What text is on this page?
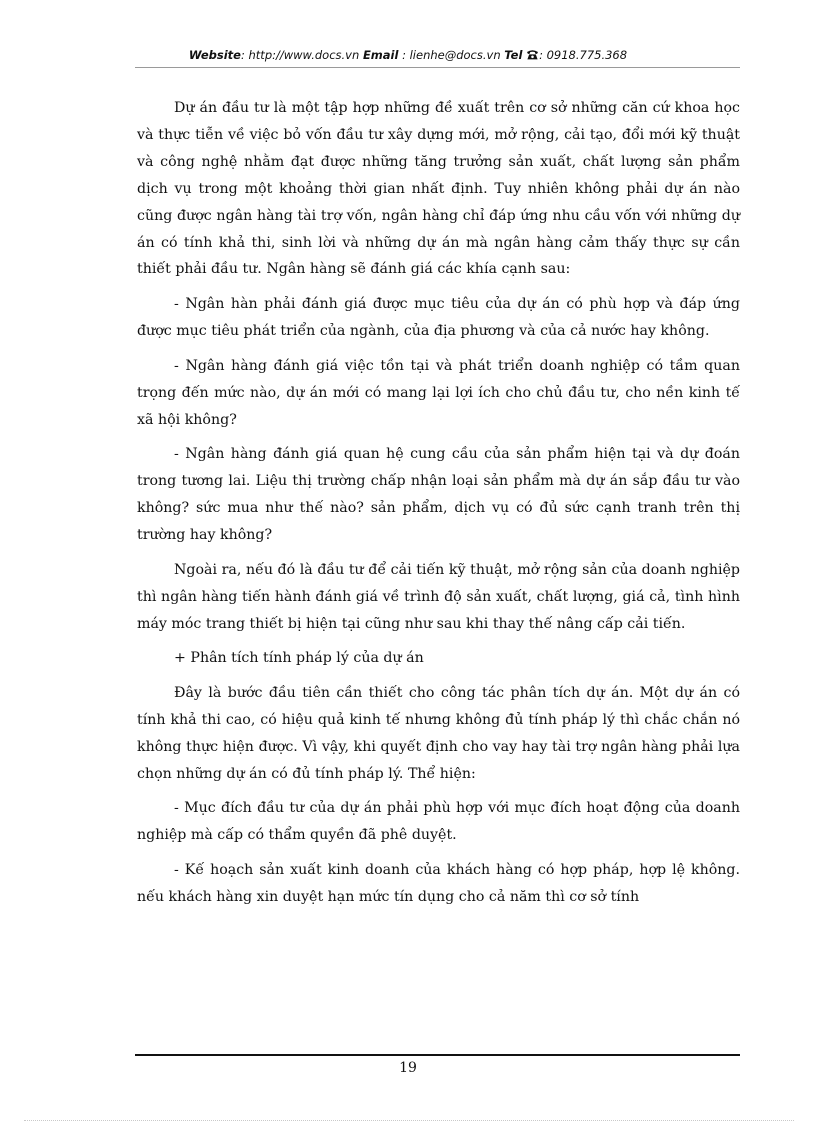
Website: http://www.docs.vn Email : lienhe@docs.vn Tel : 0918.775.368

Dự án đầu tư là một tập hợp những đề xuất trên cơ sở những căn cứ khoa học và thực tiễn về việc bỏ vốn đầu tư xây dựng mới, mở rộng, cải tạo, đổi mới kỹ thuật và công nghệ nhằm đạt được những tăng trưởng sản xuất, chất lượng sản phẩm dịch vụ trong một khoảng thời gian nhất định. Tuy nhiên không phải dự án nào cũng được ngân hàng tài trợ vốn, ngân hàng chỉ đáp ứng nhu cầu vốn với những dự án có tính khả thi, sinh lời và những dự án mà ngân hàng cảm thấy thực sự cần thiết phải đầu tư. Ngân hàng sẽ đánh giá các khía cạnh sau:

- Ngân hàn phải đánh giá được mục tiêu của dự án có phù hợp và đáp ứng được mục tiêu phát triển của ngành, của địa phương và của cả nước hay không.

- Ngân hàng đánh giá việc tồn tại và phát triển doanh nghiệp có tầm quan trọng đến mức nào, dự án mới có mang lại lợi ích cho chủ đầu tư, cho nền kinh tế xã hội không?

- Ngân hàng đánh giá quan hệ cung cầu của sản phẩm hiện tại và dự đoán trong tương lai. Liệu thị trường chấp nhận loại sản phẩm mà dự án sắp đầu tư vào không? sức mua như thế nào? sản phẩm, dịch vụ có đủ sức cạnh tranh trên thị trường hay không?

Ngoài ra, nếu đó là đầu tư để cải tiến kỹ thuật, mở rộng sản của doanh nghiệp thì ngân hàng tiến hành đánh giá về trình độ sản xuất, chất lượng, giá cả, tình hình máy móc trang thiết bị hiện tại cũng như sau khi thay thế nâng cấp cải tiến.

+ Phân tích tính pháp lý của dự án

Đây là bước đầu tiên cần thiết cho công tác phân tích dự án. Một dự án có tính khả thi cao, có hiệu quả kinh tế nhưng không đủ tính pháp lý thì chắc chắn nó không thực hiện được. Vì vậy, khi quyết định cho vay hay tài trợ ngân hàng phải lựa chọn những dự án có đủ tính pháp lý. Thể hiện:

- Mục đích đầu tư của dự án phải phù hợp với mục đích hoạt động của doanh nghiệp mà cấp có thẩm quyền đã phê duyệt.

- Kế hoạch sản xuất kinh doanh của khách hàng có hợp pháp, hợp lệ không. nếu khách hàng xin duyệt hạn mức tín dụng cho cả năm thì cơ sở tính

19
